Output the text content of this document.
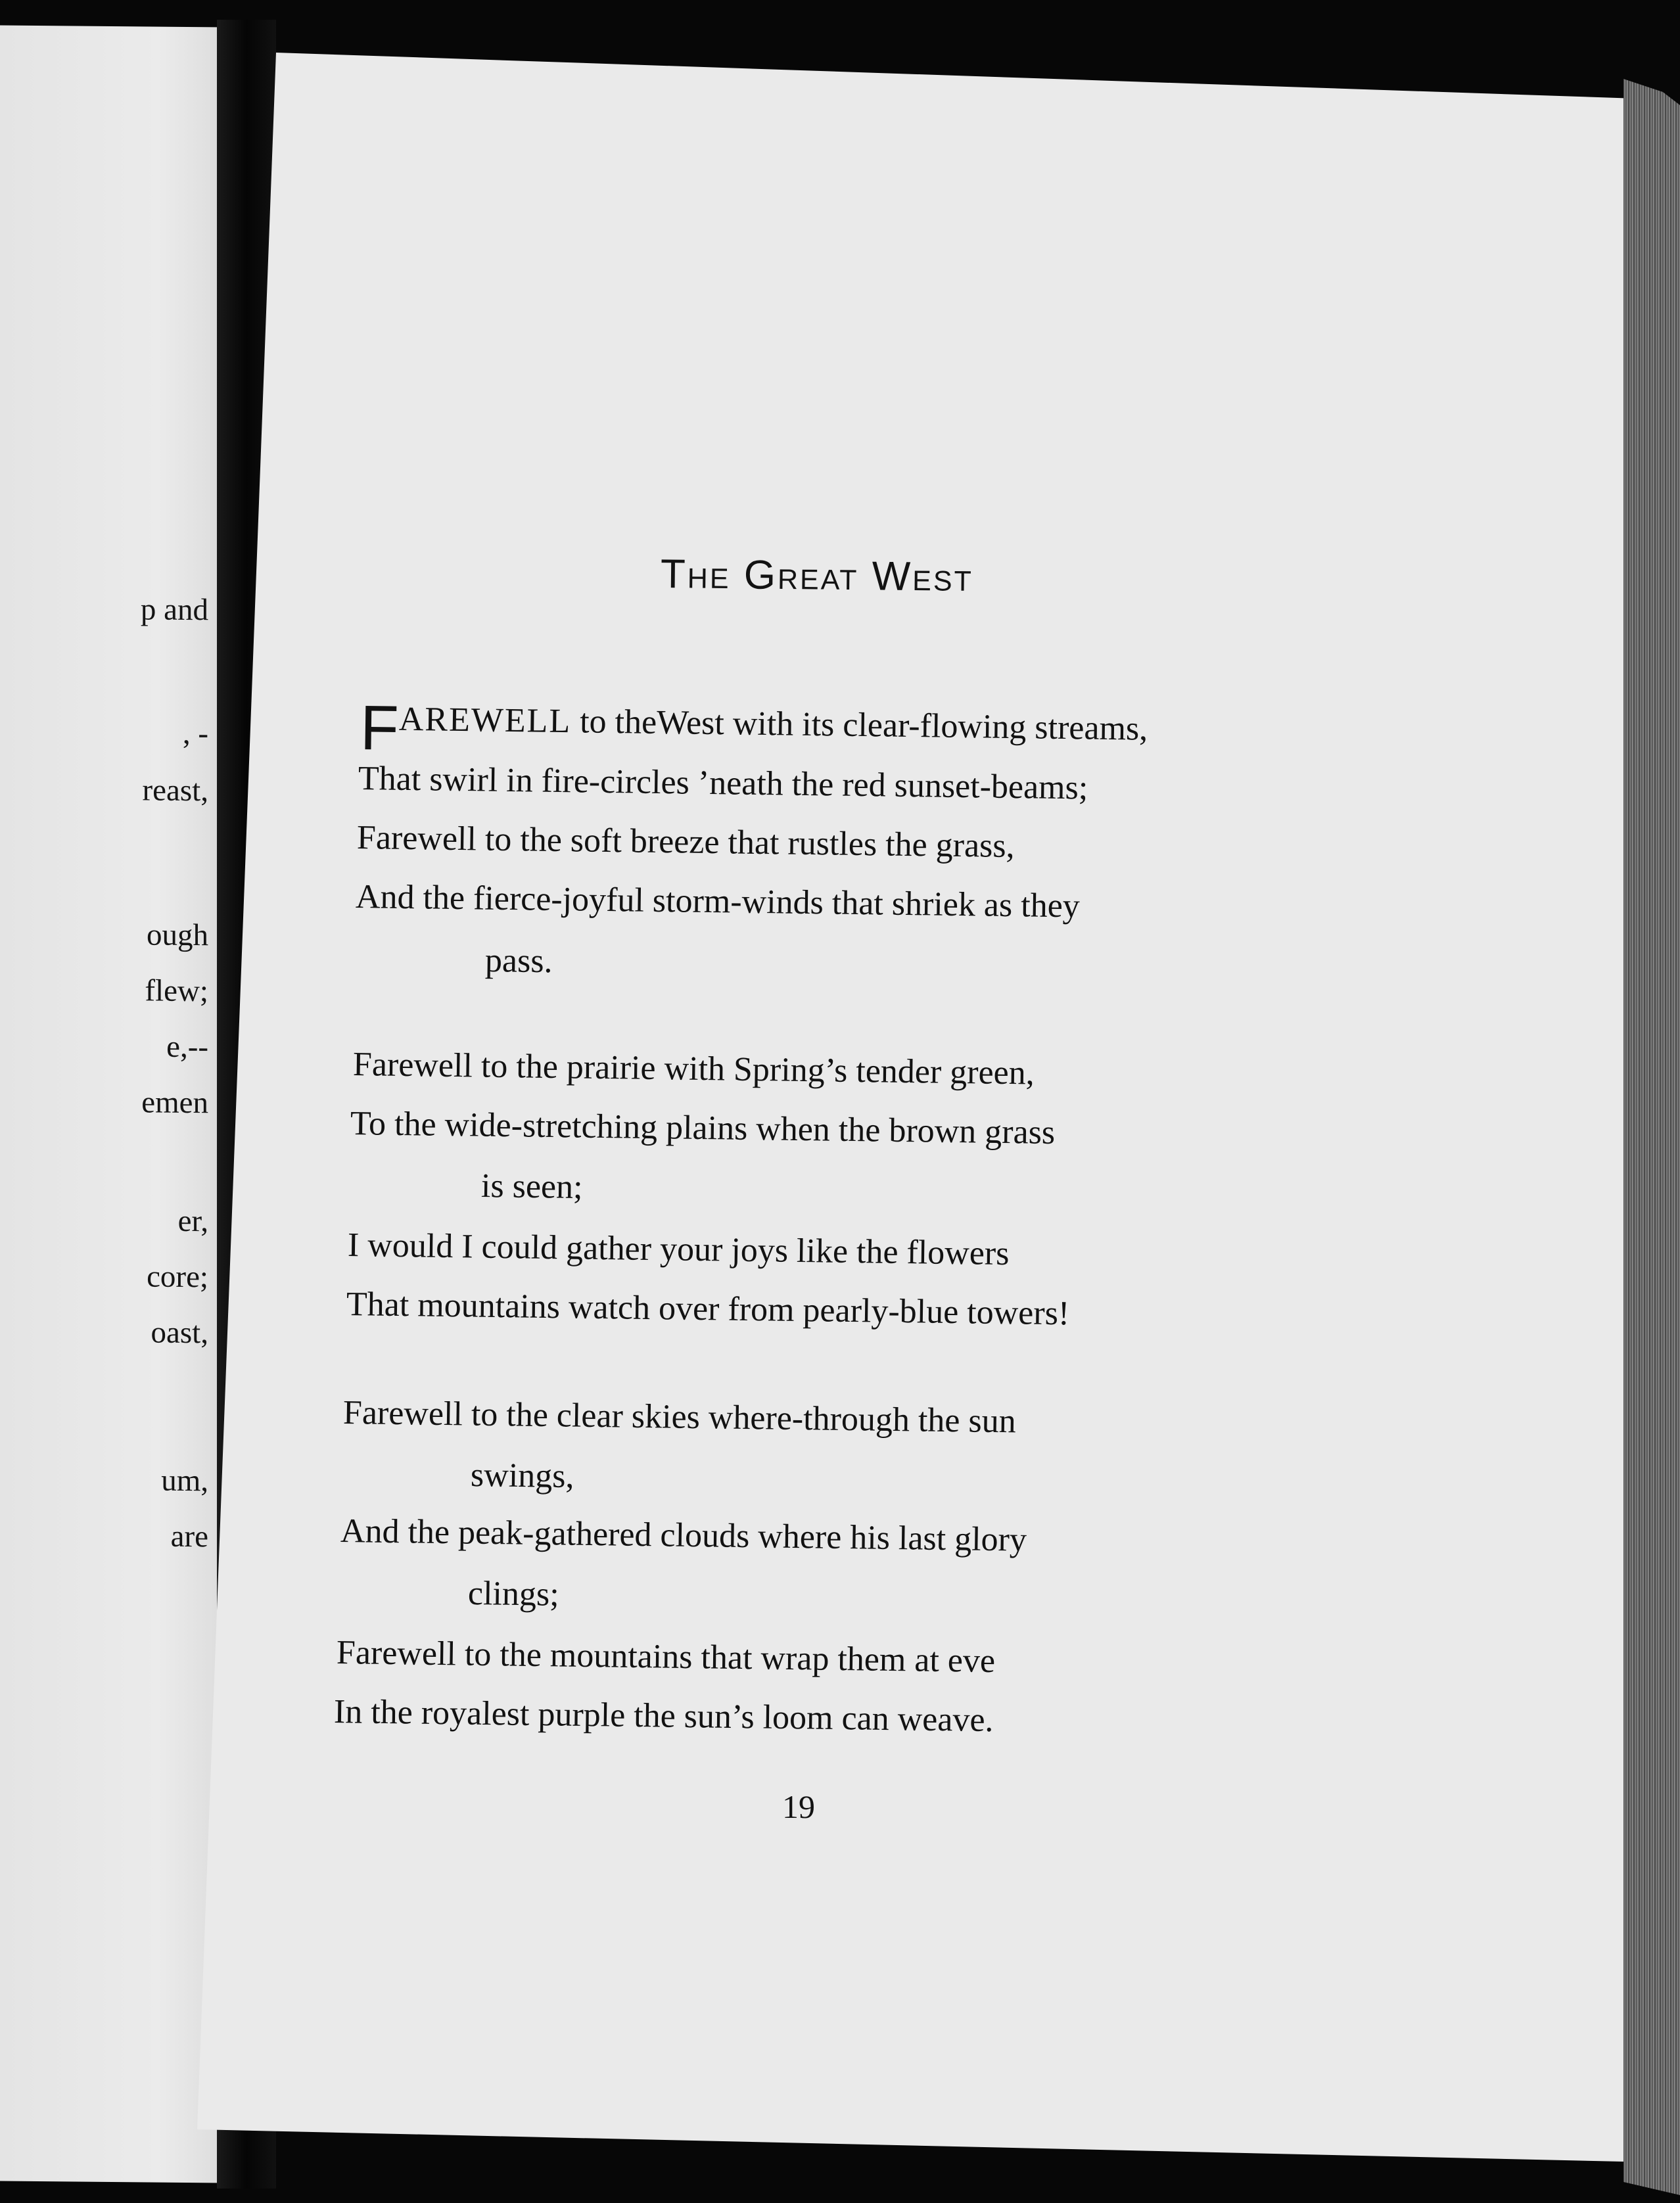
p and
, -
reast,
ough
flew;
e,--
emen
er,
core;
oast,
um,
are
The Great West
FAREWELL to theWest with its clear-flowing streams,
That swirl in fire-circles ’neath the red sunset-beams;
Farewell to the soft breeze that rustles the grass,
And the fierce-joyful storm-winds that shriek as they
pass.
Farewell to the prairie with Spring’s tender green,
To the wide-stretching plains when the brown grass
is seen;
I would I could gather your joys like the flowers
That mountains watch over from pearly-blue towers!
Farewell to the clear skies where-through the sun
swings,
And the peak-gathered clouds where his last glory
clings;
Farewell to the mountains that wrap them at eve
In the royalest purple the sun’s loom can weave.
19
